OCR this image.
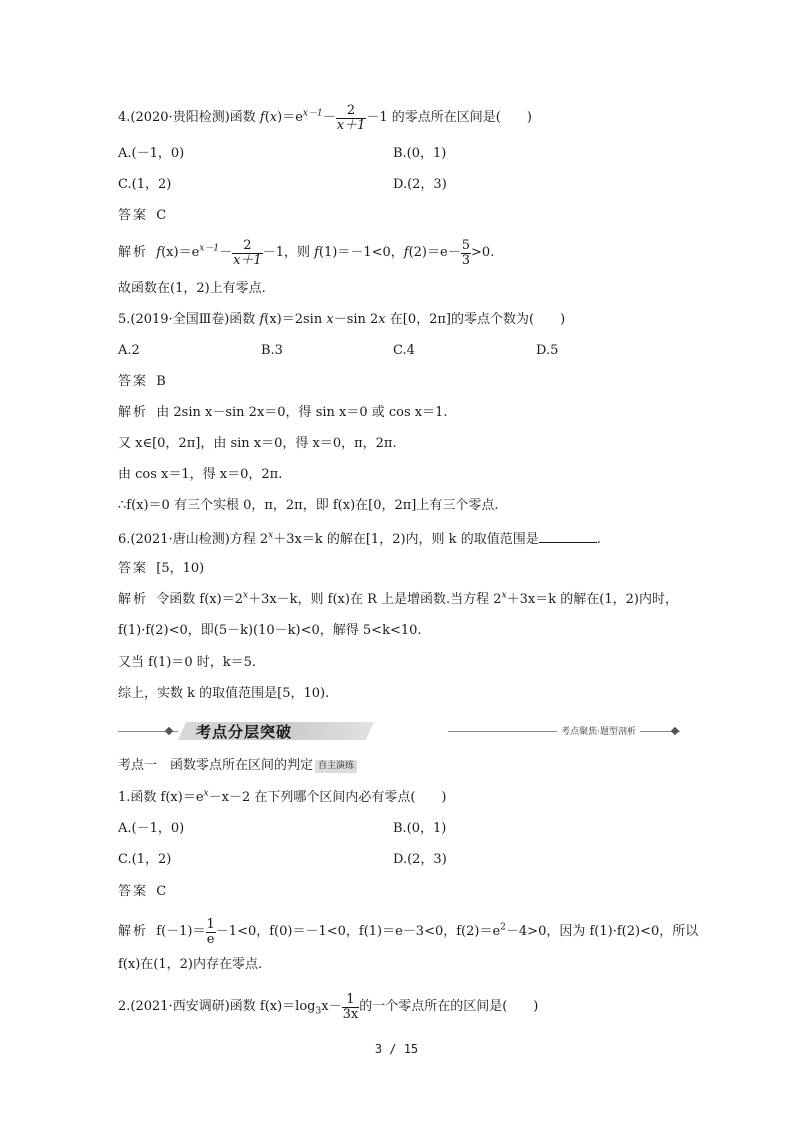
4.(2020·贵阳检测)函数 $f(x)=e^{x-1}- \frac{2}{x+1} -1$ 的零点所在区间是(　　)
A.(－1，0)	B.(0，1)
C.(1，2)	D.(2，3)
答案 C
解析 $f(x)=e^{x-1}- \frac{2}{x+1} -1$，则 f(1)＝－1<0，$f(2)=e- \frac{5}{3} >0$.
故函数在(1，2)上有零点.
5.(2019·全国Ⅲ卷)函数 f(x)＝2sin x－sin 2x 在[0，2π]的零点个数为(　　)
A.2	B.3	C.4	D.5
答案 B
解析 由 2sin x－sin 2x＝0，得 sin x＝0 或 cos x＝1.
又 x∈[0，2π]，由 sin x＝0，得 x＝0，π，2π.
由 cos x＝1，得 x＝0，2π.
∴f(x)＝0 有三个实根 0，π，2π，即 f(x)在[0，2π]上有三个零点.
6.(2021·唐山检测)方程 $2^x+3x=k$ 的解在[1，2)内，则 k 的取值范围是	.
答案 [5，10)
解析 令函数 $f(x)=2^x+3x-k$，则 f(x)在 R 上是增函数.当方程 $2^x+3x=k$ 的解在(1，2)内时，
f(1)·f(2)<0，即(5－k)(10－k)<0，解得 5<k<10.
又当 f(1)＝0 时，k＝5.
综上，实数 k 的取值范围是[5，10).
考点分层突破	考点聚焦·题型剖析
考点一　函数零点所在区间的判定 自主演练
1.函数 $f(x)=e^x-x-2$ 在下列哪个区间内必有零点(　　)
A.(－1，0)	B.(0，1)
C.(1，2)	D.(2，3)
答案 C
解析 $f(-1)= \frac{1}{e} -1<0$，f(0)＝－1<0，f(1)＝e－3<0，$f(2)=e^2-4>0$，因为 f(1)·f(2)<0，所以
f(x)在(1，2)内存在零点.
2.(2021·西安调研)函数 $f(x)=\log_3x- \frac{1}{3x}$ 的一个零点所在的区间是(　　)
3 / 15
